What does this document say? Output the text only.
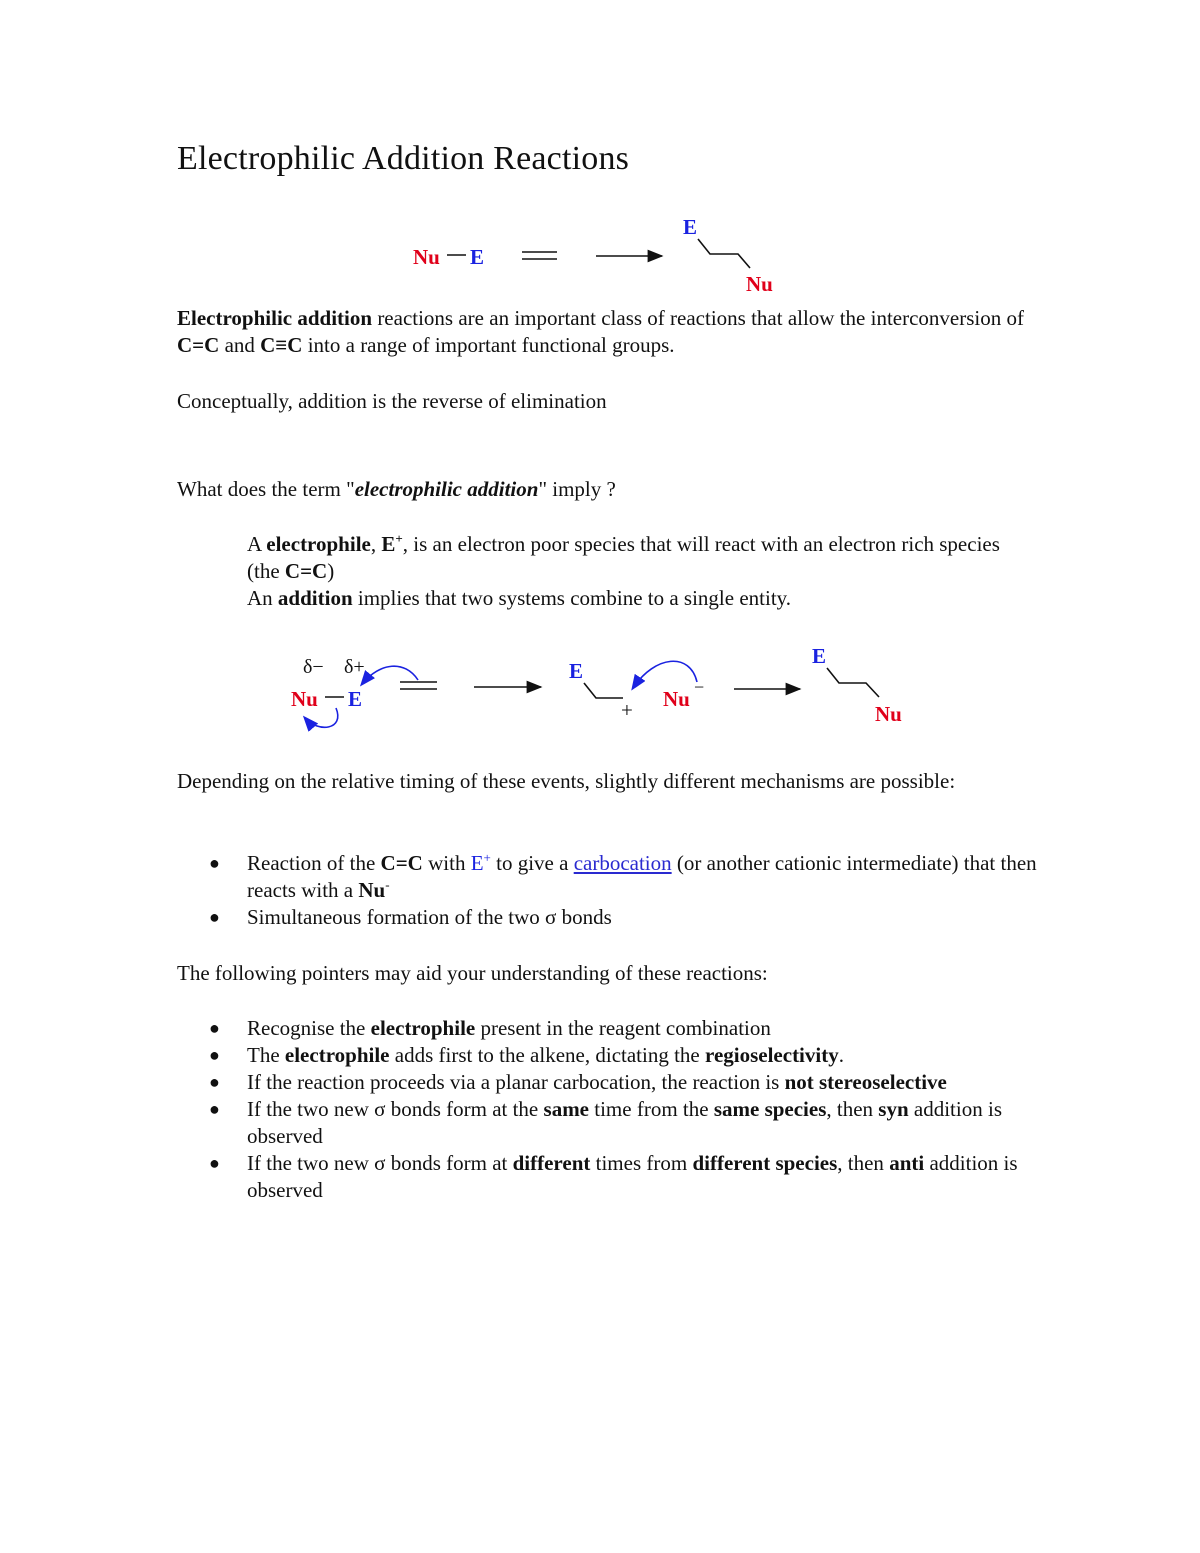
Electrophilic Addition Reactions
Nu E
E
Nu
δ− δ+
Nu E
E
+ Nu −
E
Nu

Electrophilic addition reactions are an important class of reactions that allow the interconversion of C=C and C≡C into a range of important functional groups.

Conceptually, addition is the reverse of elimination

What does the term "electrophilic addition" imply ?

A electrophile, E+, is an electron poor species that will react with an electron rich species (the C=C)

An addition implies that two systems combine to a single entity.

Depending on the relative timing of these events, slightly different mechanisms are possible:

● Reaction of the C=C with E+ to give a carbocation (or another cationic intermediate) that then reacts with a Nu-
● Simultaneous formation of the two σ bonds

The following pointers may aid your understanding of these reactions:

● Recognise the electrophile present in the reagent combination
● The electrophile adds first to the alkene, dictating the regioselectivity.
● If the reaction proceeds via a planar carbocation, the reaction is not stereoselective
● If the two new σ bonds form at the same time from the same species, then syn addition is observed
● If the two new σ bonds form at different times from different species, then anti addition is observed
